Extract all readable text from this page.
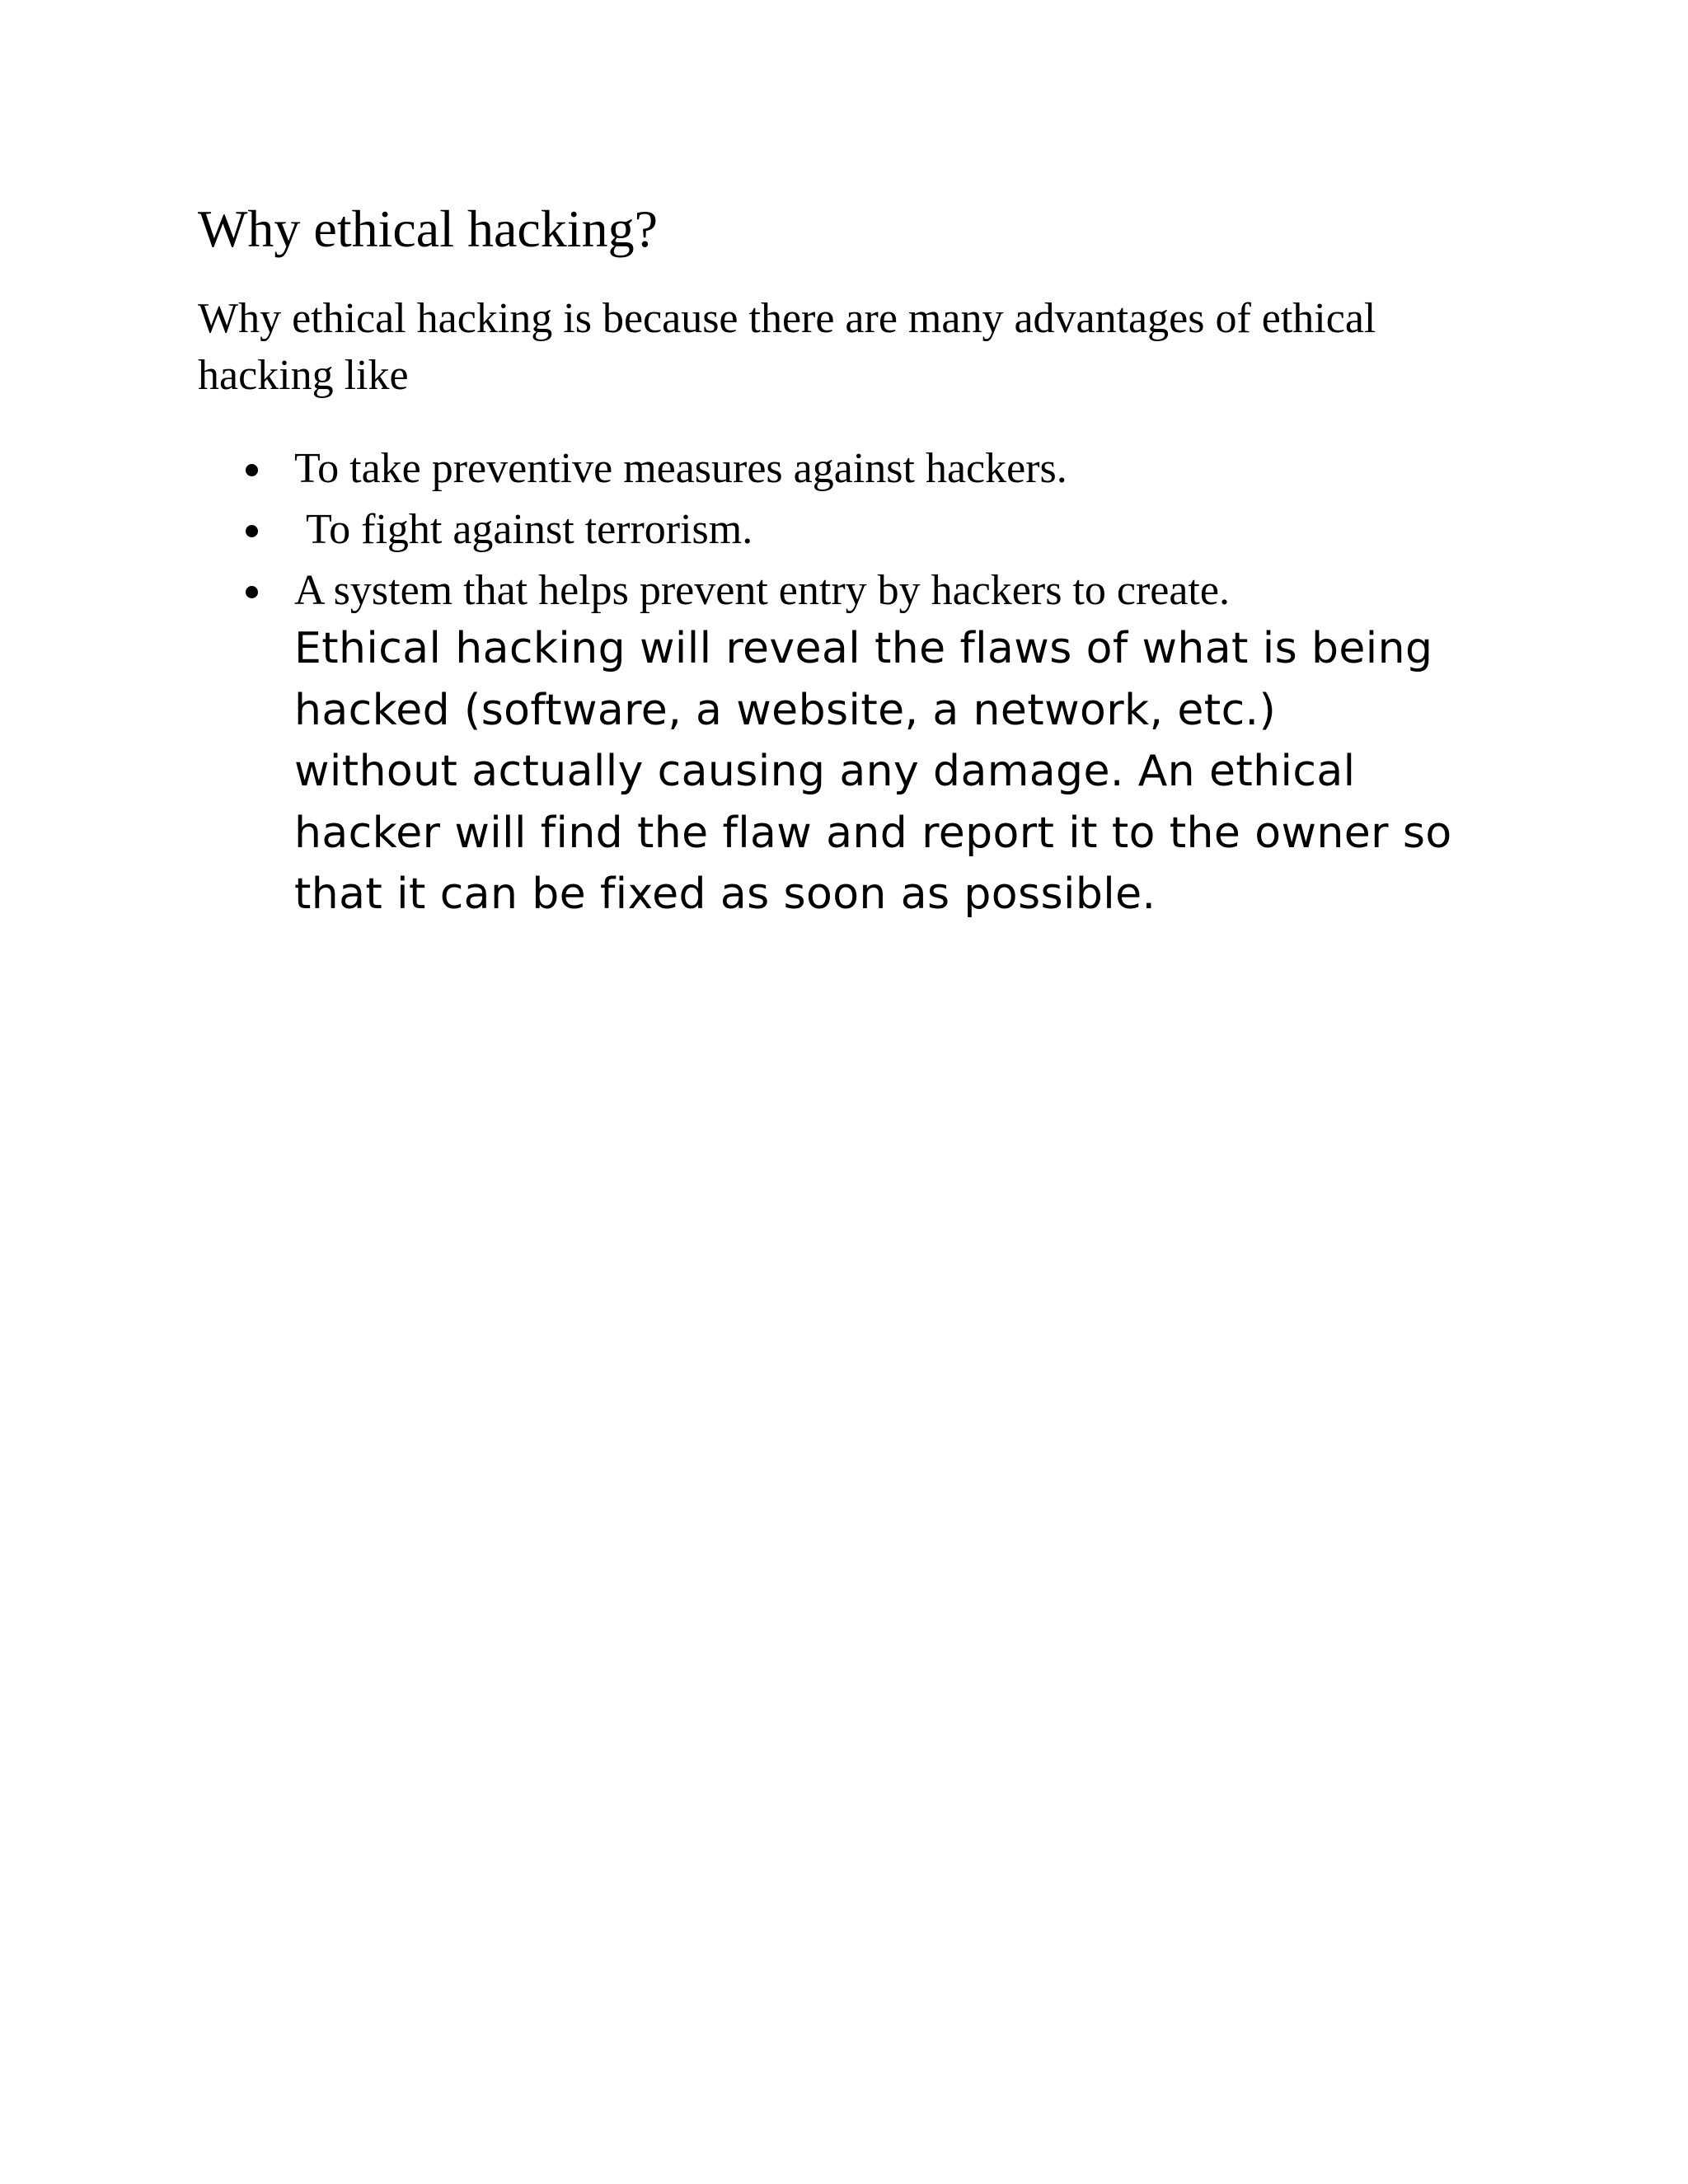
Why ethical hacking?

Why ethical hacking is because there are many advantages of ethical
hacking like

To take preventive measures against hackers.
To fight against terrorism.
A system that helps prevent entry by hackers to create.

Ethical hacking will reveal the flaws of what is being
hacked (software, a website, a network, etc.)
without actually causing any damage. An ethical
hacker will find the flaw and report it to the owner so
that it can be fixed as soon as possible.
